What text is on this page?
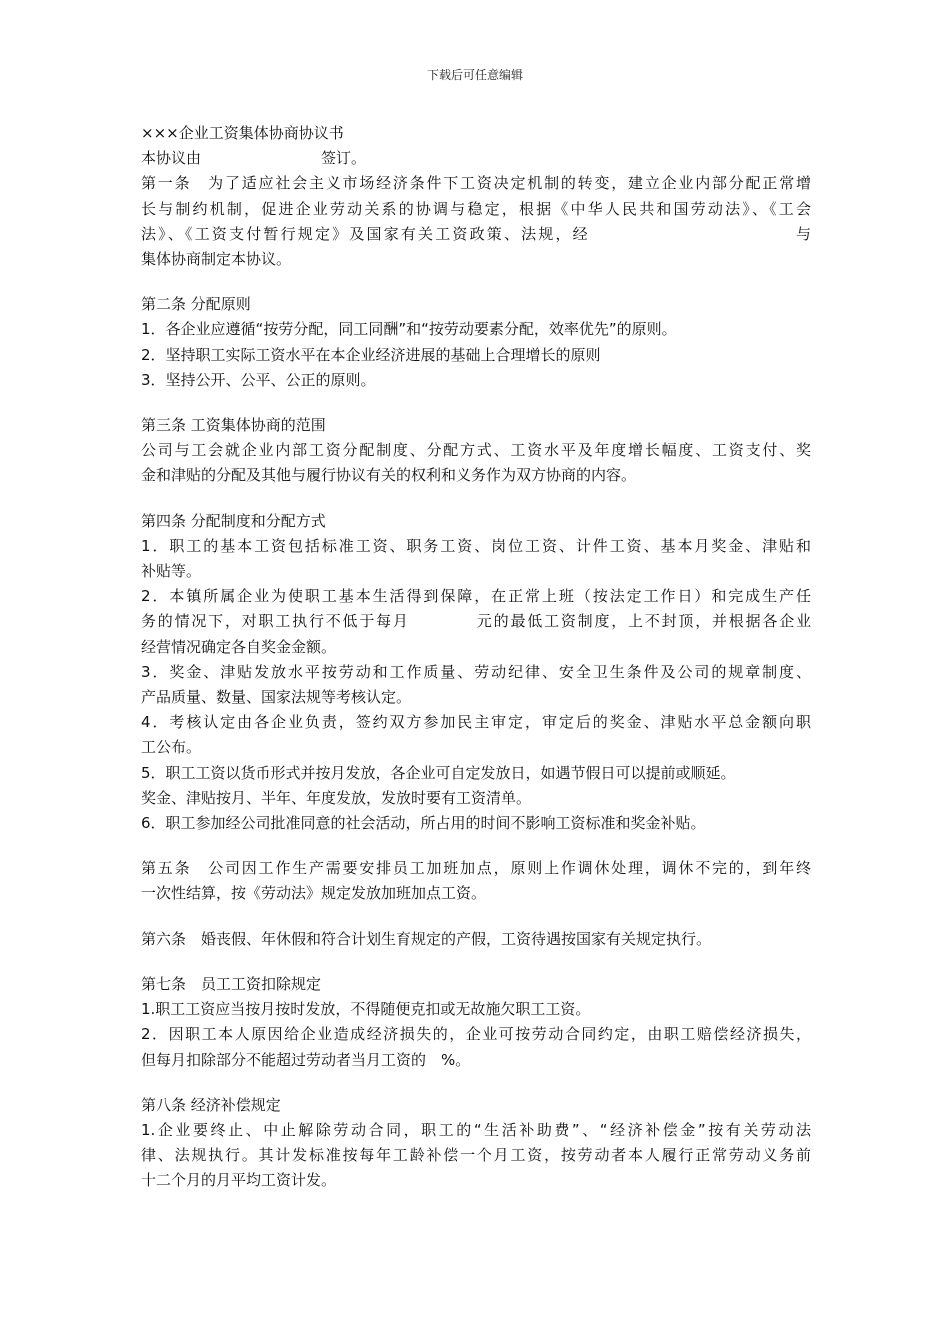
下载后可任意编辑

×××企业工资集体协商协议书

本协议由　　　　　　　　签订。

第一条　为了适应社会主义市场经济条件下工资决定机制的转变，建立企业内部分配正常增

长与制约机制，促进企业劳动关系的协调与稳定，根据《中华人民共和国劳动法》、《工会

法》、《工资支付暂行规定》及国家有关工资政策、法规，经　　　　　　　　　　　　与

集体协商制定本协议。

第二条 分配原则

1．各企业应遵循“按劳分配，同工同酬”和“按劳动要素分配，效率优先”的原则。

2．坚持职工实际工资水平在本企业经济进展的基础上合理增长的原则

3．坚持公开、公平、公正的原则。

第三条 工资集体协商的范围

公司与工会就企业内部工资分配制度、分配方式、工资水平及年度增长幅度、工资支付、奖

金和津贴的分配及其他与履行协议有关的权利和义务作为双方协商的内容。

第四条 分配制度和分配方式

1．职工的基本工资包括标准工资、职务工资、岗位工资、计件工资、基本月奖金、津贴和

补贴等。

2．本镇所属企业为使职工基本生活得到保障，在正常上班（按法定工作日）和完成生产任

务的情况下，对职工执行不低于每月　　　　元的最低工资制度，上不封顶，并根据各企业

经营情况确定各自奖金金额。

3．奖金、津贴发放水平按劳动和工作质量、劳动纪律、安全卫生条件及公司的规章制度、

产品质量、数量、国家法规等考核认定。

4．考核认定由各企业负责，签约双方参加民主审定，审定后的奖金、津贴水平总金额向职

工公布。

5．职工工资以货币形式并按月发放，各企业可自定发放日，如遇节假日可以提前或顺延。

奖金、津贴按月、半年、年度发放，发放时要有工资清单。

6．职工参加经公司批准同意的社会活动，所占用的时间不影响工资标准和奖金补贴。

第五条　公司因工作生产需要安排员工加班加点，原则上作调休处理，调休不完的，到年终

一次性结算，按《劳动法》规定发放加班加点工资。

第六条　婚丧假、年休假和符合计划生育规定的产假，工资待遇按国家有关规定执行。

第七条　员工工资扣除规定

1.职工工资应当按月按时发放，不得随便克扣或无故施欠职工工资。

2．因职工本人原因给企业造成经济损失的，企业可按劳动合同约定，由职工赔偿经济损失，

但每月扣除部分不能超过劳动者当月工资的　%。

第八条 经济补偿规定

1.企业要终止、中止解除劳动合同，职工的“生活补助费”、“经济补偿金”按有关劳动法

律、法规执行。其计发标准按每年工龄补偿一个月工资，按劳动者本人履行正常劳动义务前

十二个月的月平均工资计发。
